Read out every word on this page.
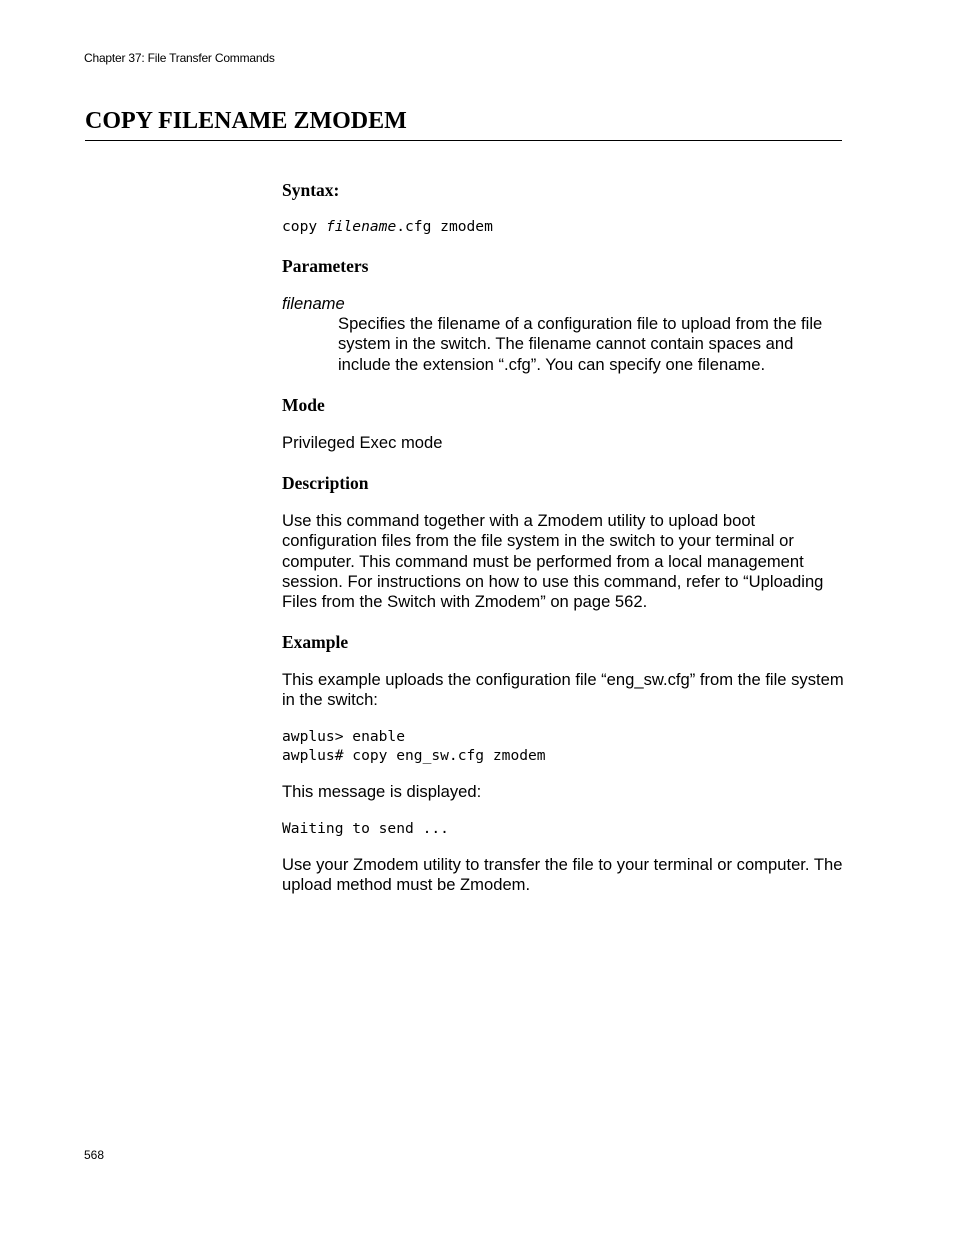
Chapter 37: File Transfer Commands
COPY FILENAME ZMODEM
Syntax:

copy filename.cfg zmodem

Parameters

filename

Specifies the filename of a configuration file to upload from the file system in the switch. The filename cannot contain spaces and include the extension “.cfg”. You can specify one filename.

Mode

Privileged Exec mode

Description

Use this command together with a Zmodem utility to upload boot configuration files from the file system in the switch to your terminal or computer. This command must be performed from a local management session. For instructions on how to use this command, refer to “Uploading Files from the Switch with Zmodem” on page 562.

Example

This example uploads the configuration file “eng_sw.cfg” from the file system in the switch:

awplus> enable

awplus# copy eng_sw.cfg zmodem

This message is displayed:

Waiting to send ...

Use your Zmodem utility to transfer the file to your terminal or computer. The upload method must be Zmodem.

568
